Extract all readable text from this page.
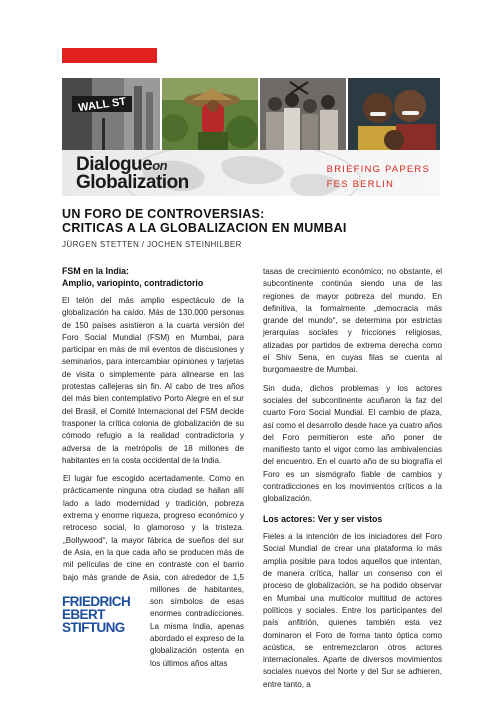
WALL ST
Dialogueon
Globalization
BRIEFING PAPERS
FES BERLIN
UN FORO DE CONTROVERSIAS:
CRITICAS A LA GLOBALIZACION EN MUMBAI
JÜRGEN STETTEN / JOCHEN STEINHILBER
FSM en la India:
Amplio, variopinto, contradictorio

El telón del más amplio espectáculo de la globalización ha caído. Más de 130.000 personas de 150 países asistieron a la cuarta versión del Foro Social Mundial (FSM) en Mumbai, para participar en más de mil eventos de discusiones y seminarios, para intercambiar opiniones y tarjetas de visita o simplemente para alinearse en las protestas callejeras sin fin. Al cabo de tres años del más bien contemplativo Porto Alegre en el sur del Brasil, el Comité Internacional del FSM decide trasponer la crítica colonia de globalización de su cómodo refugio a la realidad contradictoria y adversa de la metrópolis de 18 millones de habitantes en la costa occidental de la India.

El lugar fue escogido acertadamente. Como en prácticamente ninguna otra ciudad se hallan allí lado a lado modernidad y tradición, pobreza extrema y enorme riqueza, progreso económico y retroceso social, lo glamoroso y la tristeza. „Bollywood“, la mayor fábrica de sueños del sur de Asia, en la que cada año se producen más de mil películas de cine en contraste con el barrio bajo más grande de Asia, con alrededor de 1,5 millones de habitantes, son símbolos de esas enormes contradicciones. La misma India, apenas abordado el expreso de la globalización ostenta en los últimos años altas

tasas de crecimiento económico; no obstante, el subcontinente continúa siendo una de las regiones de mayor pobreza del mundo. En definitiva, la formalmente „democracia más grande del mundo“, se determina por estrictas jerarquías sociales y fricciones religiosas, atizadas por partidos de extrema derecha como el Shiv Sena, en cuyas filas se cuenta al burgomaestre de Mumbai.

Sin duda, dichos problemas y los actores sociales del subcontinente acuñaron la faz del cuarto Foro Social Mundial. El cambio de plaza, así como el desarrollo desde hace ya cuatro años del Foro permitieron este año poner de manifiesto tanto el vigor como las ambivalencias del encuentro. En el cuarto año de su biografía el Foro es un sismógrafo fiable de cambios y contradicciones en los movimientos críticos a la globalización.

Los actores: Ver y ser vistos

Fieles a la intención de los iniciadores del Foro Social Mundial de crear una plataforma lo más amplia posible para todos aquellos que intentan, de manera crítica, hallar un consenso con el proceso de globalización, se ha podido observar en Mumbai una multicolor multitud de actores políticos y sociales. Entre los participantes del país anfitrión, quienes también esta vez dominaron el Foro de forma tanto óptica como acústica, se entremezclaron otros actores internacionales. Aparte de diversos movimientos sociales nuevos del Norte y del Sur se adhieren, entre tanto, a

FRIEDRICH
EBERT
STIFTUNG
